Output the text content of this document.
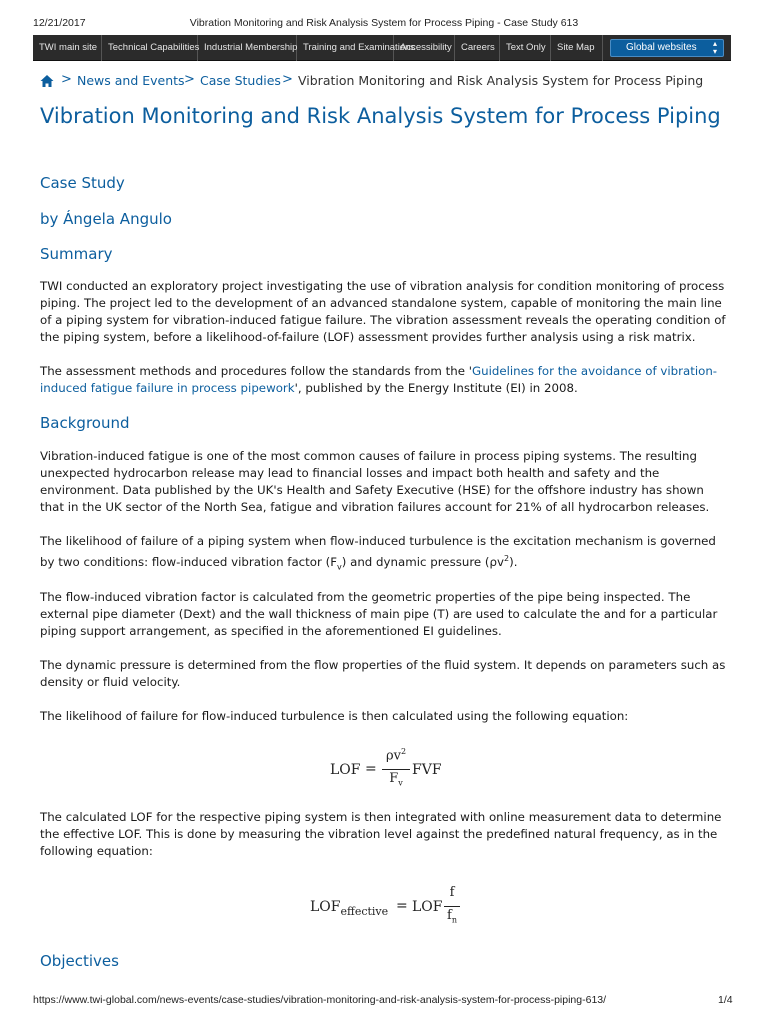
12/21/2017	Vibration Monitoring and Risk Analysis System for Process Piping - Case Study 613
TWI main site	Technical Capabilities Industrial Membership Training and Examinations
Accessibility Careers	Text Only	Site Map	Global websites ▴
▾
> News and Events > Case Studies > Vibration Monitoring and Risk Analysis System for Process Piping
Vibration Monitoring and Risk Analysis System for Process Piping
Case Study
by Ángela Angulo
Summary

TWI conducted an exploratory project investigating the use of vibration analysis for condition monitoring of process piping. The project led to the development of an advanced standalone system, capable of monitoring the main line of a piping system for vibration-induced fatigue failure. The vibration assessment reveals the operating condition of the piping system, before a likelihood-of-failure (LOF) assessment provides further analysis using a risk matrix.

The assessment methods and procedures follow the standards from the 'Guidelines for the avoidance of vibration-induced fatigue failure in process pipework', published by the Energy Institute (EI) in 2008.

Background

Vibration-induced fatigue is one of the most common causes of failure in process piping systems. The resulting unexpected hydrocarbon release may lead to financial losses and impact both health and safety and the environment. Data published by the UK's Health and Safety Executive (HSE) for the offshore industry has shown that in the UK sector of the North Sea, fatigue and vibration failures account for 21% of all hydrocarbon releases.

The likelihood of failure of a piping system when flow-induced turbulence is the excitation mechanism is governed by two conditions: flow-induced vibration factor $(F_v)$ and dynamic pressure $(\rho v^2)$.

The flow-induced vibration factor is calculated from the geometric properties of the pipe being inspected. The external pipe diameter (Dext) and the wall thickness of main pipe (T) are used to calculate the and for a particular piping support arrangement, as specified in the aforementioned EI guidelines.

The dynamic pressure is determined from the flow properties of the fluid system. It depends on parameters such as density or fluid velocity.

The likelihood of failure for flow-induced turbulence is then calculated using the following equation:

LOF =
$\rho v^2$
$F_v$
FVF

The calculated LOF for the respective piping system is then integrated with online measurement data to determine the effective LOF. This is done by measuring the vibration level against the predefined natural frequency, as in the following equation:

$LOF_{effective}$ = LOF
f
$f_n$
Objectives
https://www.twi-global.com/news-events/case-studies/vibration-monitoring-and-risk-analysis-system-for-process-piping-613/	1/4
